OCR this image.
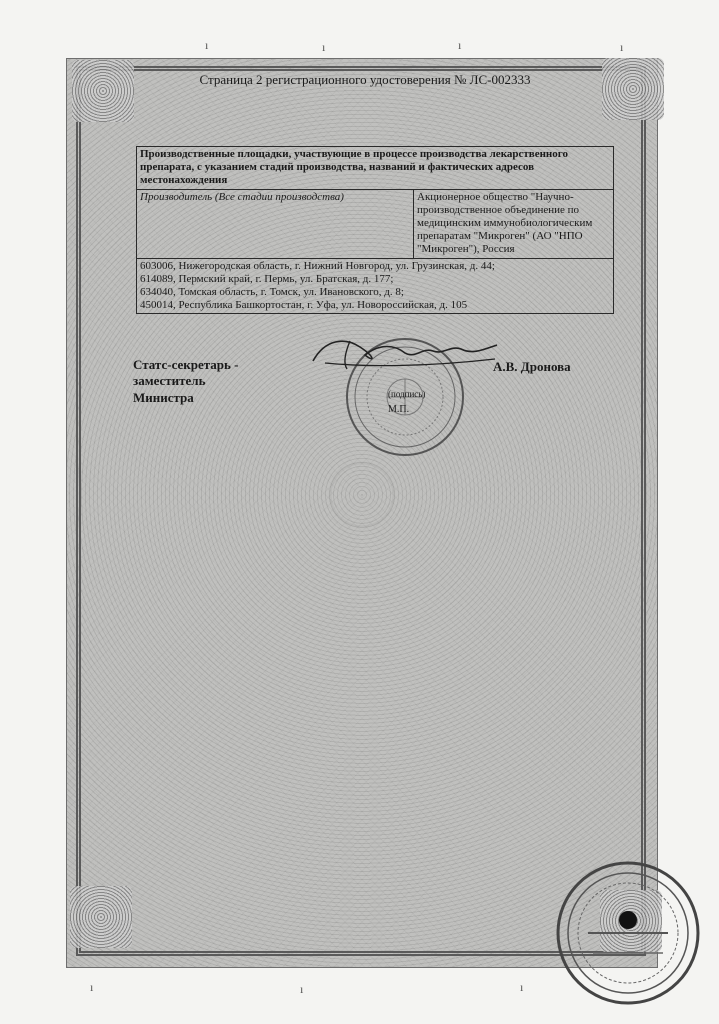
ı	ı	ı	ı
ı	ı	ı
Страница 2 регистрационного удостоверения № ЛС-002333
Производственные площадки, участвующие в процессе производства лекарственного препарата, с указанием стадий производства, названий и фактических адресов местонахождения
Производитель (Все стадии производства)	Акционерное общество "Научно-производственное объединение по медицинским иммунобиологическим препаратам "Микроген" (АО "НПО "Микроген"), Россия

603006, Нижегородская область, г. Нижний Новгород, ул. Грузинская, д. 44;
614089, Пермский край, г. Пермь, ул. Братская, д. 177;
634040, Томская область, г. Томск, ул. Ивановского, д. 8;
450014, Республика Башкортостан, г. Уфа, ул. Новороссийская, д. 105
Статс-секретарь - заместитель
Министра
А.В. Дронова
(подпись)
М.П.
